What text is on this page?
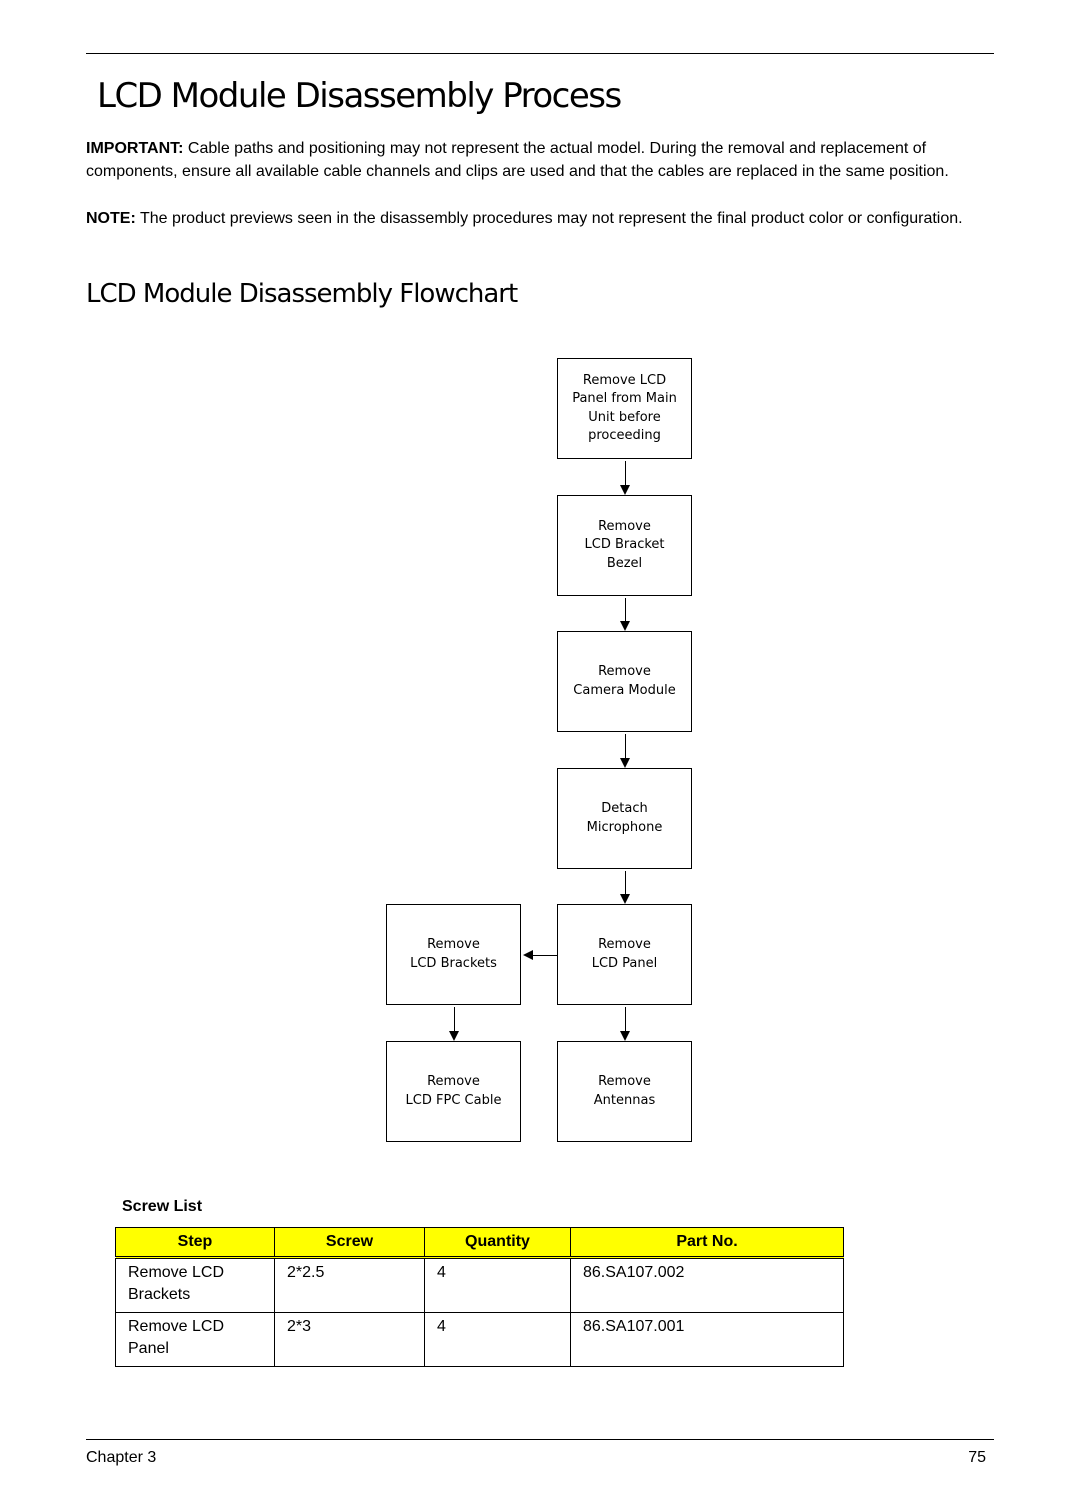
LCD Module Disassembly Process

IMPORTANT: Cable paths and positioning may not represent the actual model. During the removal and replacement of components, ensure all available cable channels and clips are used and that the cables are replaced in the same position.

NOTE: The product previews seen in the disassembly procedures may not represent the final product color or configuration.

LCD Module Disassembly Flowchart
Remove LCD
Panel from Main
Unit before
proceeding
Remove
LCD Bracket
Bezel
Remove
Camera Module
Detach
Microphone
Remove
LCD Panel
Remove
LCD Brackets
Remove
Antennas
Remove
LCD FPC Cable

Screw List

Step	Screw	Quantity	Part No.
Remove LCD Brackets	2*2.5	4	86.SA107.002
Remove LCD Panel	2*3	4	86.SA107.001
Chapter 3	75
